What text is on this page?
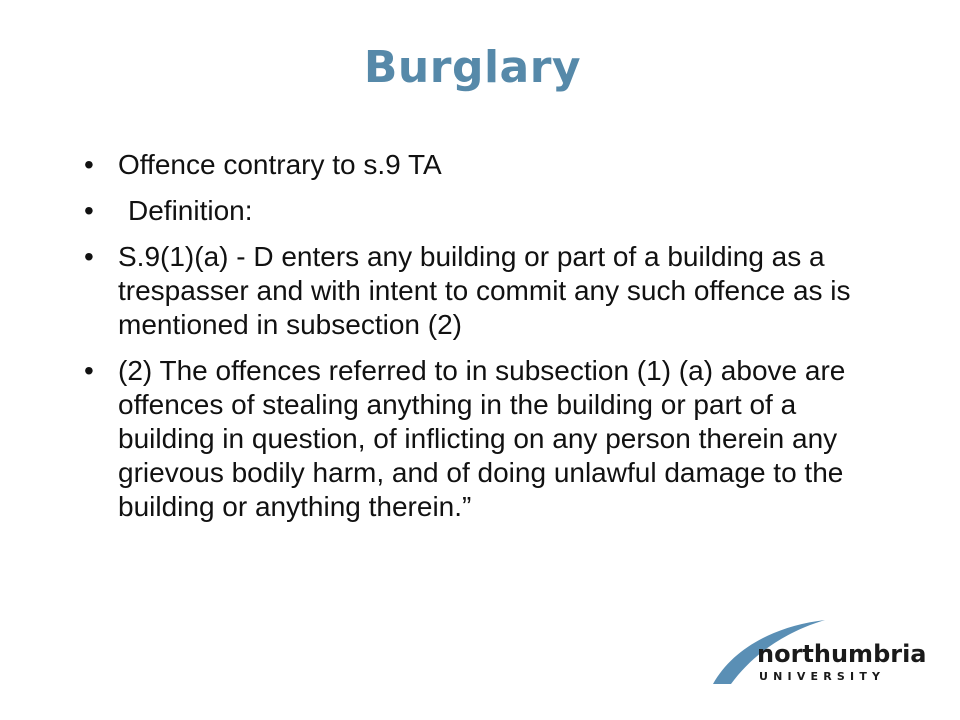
Burglary
• Offence contrary to s.9 TA
• Definition:
• S.9(1)(a) - D enters any building or part of a building as a trespasser and with intent to commit any such offence as is mentioned in subsection (2)
• (2) The offences referred to in subsection (1) (a) above are offences of stealing anything in the building or part of a building in question, of inflicting on any person therein any grievous bodily harm, and of doing unlawful damage to the building or anything therein.”
northumbria
UNIVERSITY
